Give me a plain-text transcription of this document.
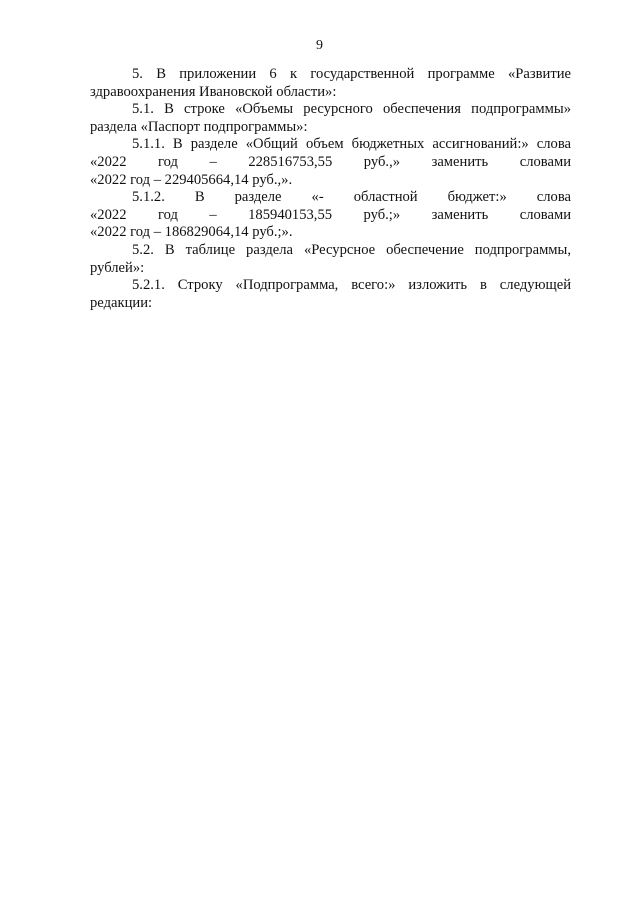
9

5. В приложении 6 к государственной программе «Развитие здравоохранения Ивановской области»:

5.1. В строке «Объемы ресурсного обеспечения подпрограммы» раздела «Паспорт подпрограммы»:

5.1.1. В разделе «Общий объем бюджетных ассигнований:» слова
«2022 год – 228516753,55 руб.,» заменить словами
«2022 год – 229405664,14 руб.,».
5.1.2. В разделе «- областной бюджет:» слова
«2022 год – 185940153,55 руб.;» заменить словами
«2022 год – 186829064,14 руб.;».

5.2. В таблице раздела «Ресурсное обеспечение подпрограммы, рублей»:

5.2.1. Строку «Подпрограмма, всего:» изложить в следующей редакции:
